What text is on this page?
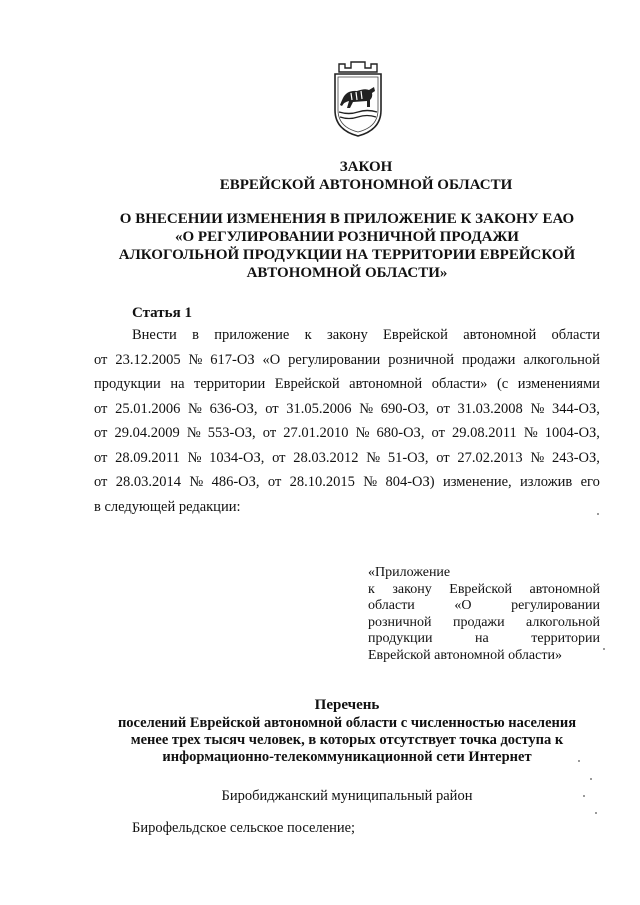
ЗАКОН
ЕВРЕЙСКОЙ АВТОНОМНОЙ ОБЛАСТИ
О ВНЕСЕНИИ ИЗМЕНЕНИЯ В ПРИЛОЖЕНИЕ К ЗАКОНУ ЕАО
«О РЕГУЛИРОВАНИИ РОЗНИЧНОЙ ПРОДАЖИ
АЛКОГОЛЬНОЙ ПРОДУКЦИИ НА ТЕРРИТОРИИ ЕВРЕЙСКОЙ
АВТОНОМНОЙ ОБЛАСТИ»
Статья 1
Внести в приложение к закону Еврейской автономной области
от 23.12.2005 № 617-ОЗ «О регулировании розничной продажи алкогольной
продукции на территории Еврейской автономной области» (с изменениями
от 25.01.2006 № 636-ОЗ, от 31.05.2006 № 690-ОЗ, от 31.03.2008 № 344-ОЗ,
от 29.04.2009 № 553-ОЗ, от 27.01.2010 № 680-ОЗ, от 29.08.2011 № 1004-ОЗ,
от 28.09.2011 № 1034-ОЗ, от 28.03.2012 № 51-ОЗ, от 27.02.2013 № 243-ОЗ,
от 28.03.2014 № 486-ОЗ, от 28.10.2015 № 804-ОЗ) изменение, изложив его
в следующей редакции:
«Приложение
к закону Еврейской автономной
области	«О	регулировании
розничной продажи алкогольной
продукции	на	территории
Еврейской автономной области»
Перечень
поселений Еврейской автономной области с численностью населения
менее трех тысяч человек, в которых отсутствует точка доступа к
информационно-телекоммуникационной сети Интернет
Биробиджанский муниципальный район
Бирофельдское сельское поселение;
